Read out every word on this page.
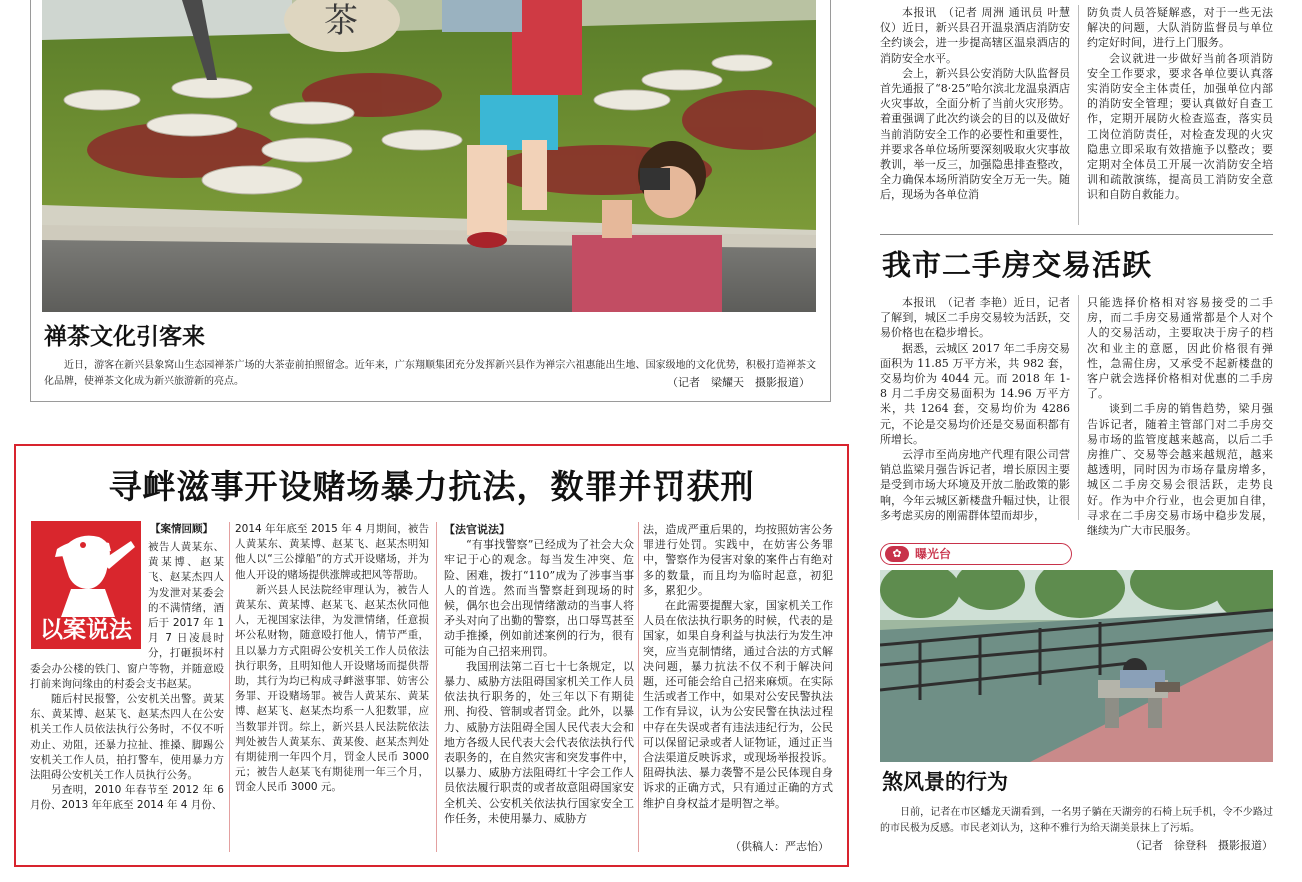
茶
禅茶文化引客来

近日，游客在新兴县象窝山生态园禅茶广场的大茶壶前拍照留念。近年来，广东翔顺集团充分发挥新兴县作为禅宗六祖惠能出生地、国家级地的文化优势，积极打造禅茶文化品牌，使禅茶文化成为新兴旅游新的亮点。	（记者　梁耀天　摄影报道）

本报讯　（记者 周洲 通讯员 叶慧仪）近日，新兴县召开温泉酒店消防安全约谈会，进一步提高辖区温泉酒店的消防安全水平。

会上，新兴县公安消防大队监督员首先通报了“8·25”哈尔滨北龙温泉酒店火灾事故，全面分析了当前火灾形势。着重强调了此次约谈会的目的以及做好当前消防安全工作的必要性和重要性，并要求各单位场所要深刻吸取火灾事故教训，举一反三，加强隐患排查整改，全力确保本场所消防安全万无一失。随后，现场为各单位消

防负责人员答疑解惑，对于一些无法解决的问题，大队消防监督员与单位约定好时间，进行上门服务。

会议就进一步做好当前各项消防安全工作要求，要求各单位要认真落实消防安全主体责任，加强单位内部的消防安全管理；要认真做好自查工作，定期开展防火检查巡查，落实员工岗位消防责任，对检查发现的火灾隐患立即采取有效措施予以整改；要定期对全体员工开展一次消防安全培训和疏散演练，提高员工消防安全意识和自防自救能力。

我市二手房交易活跃

本报讯　（记者 李艳）近日，记者了解到，城区二手房交易较为活跃，交易价格也在稳步增长。

据悉，云城区 2017 年二手房交易面积为 11.85 万平方米，共 982 套，交易均价为 4044 元。而 2018 年 1-8 月二手房交易面积为 14.96 万平方米，共 1264 套，交易均价为 4286 元，不论是交易均价还是交易面积都有所增长。

云浮市至尚房地产代理有限公司营销总监梁月强告诉记者，增长原因主要是受到市场大环境及开放二胎政策的影响，今年云城区新楼盘升幅过快，让很多考虑买房的刚需群体望而却步，

只能选择价格相对容易接受的二手房，而二手房交易通常都是个人对个人的交易活动，主要取决于房子的档次和业主的意愿，因此价格很有弹性，急需住房，又承受不起新楼盘的客户就会选择价格相对优惠的二手房了。

谈到二手房的销售趋势，梁月强告诉记者，随着主管部门对二手房交易市场的监管度越来越高，以后二手房推广、交易等会越来越规范，越来越透明，同时因为市场存量房增多，城区二手房交易会很活跃，走势良好。作为中介行业，也会更加自律，寻求在二手房交易市场中稳步发展，继续为广大市民服务。

✿	曝光台
煞风景的行为

日前，记者在市区蟠龙天湖看到，一名男子躺在天湖旁的石椅上玩手机，令不少路过的市民极为反感。市民老刘认为，这种不雅行为给天湖美景抹上了污垢。

（记者　徐登科　摄影报道）
寻衅滋事开设赌场暴力抗法，数罪并罚获刑
以案说法

【案情回顾】

被告人黄某东、黄某博、赵某飞、赵某杰四人为发泄对某委会的不满情绪，酒后于 2017 年 1 月 7 日凌晨时分，打砸损坏村委会办公楼的铁门、窗户等物，并随意殴打前来询问缘由的村委会支书赵某。

随后村民报警，公安机关出警。黄某东、黄某博、赵某飞、赵某杰四人在公安机关工作人员依法执行公务时，不仅不听劝止、劝阻，还暴力拉扯、推搡、脚踢公安机关工作人员，拍打警车，使用暴力方法阻碍公安机关工作人员执行公务。

另查明，2010 年春节至 2012 年 6 月份、2013 年年底至 2014 年 4 月份、

2014 年年底至 2015 年 4 月期间，被告人黄某东、黄某博、赵某飞、赵某杰明知他人以“三公撑船”的方式开设赌场，并为他人开设的赌场提供涨牌或把风等帮助。

新兴县人民法院经审理认为，被告人黄某东、黄某博、赵某飞、赵某杰伙同他人，无视国家法律，为发泄情绪，任意损坏公私财物，随意殴打他人，情节严重，且以暴力方式阻碍公安机关工作人员依法执行职务，且明知他人开设赌场而提供帮助，其行为均已构成寻衅滋事罪、妨害公务罪、开设赌场罪。被告人黄某东、黄某博、赵某飞、赵某杰均系一人犯数罪，应当数罪并罚。综上，新兴县人民法院依法判处被告人黄某东、黄某俊、赵某杰判处有期徒刑一年四个月，罚金人民币 3000 元；被告人赵某飞有期徒刑一年三个月，罚金人民币 3000 元。

【法官说法】

“有事找警察”已经成为了社会大众牢记于心的观念。每当发生冲突、危险、困难，拨打“110”成为了涉事当事人的首选。然而当警察赶到现场的时候，偶尔也会出现情绪激动的当事人将矛头对向了出勤的警察，出口辱骂甚至动手推搡，例如前述案例的行为，很有可能为自己招来刑罚。

我国刑法第二百七十七条规定，以暴力、威胁方法阻碍国家机关工作人员依法执行职务的，处三年以下有期徒刑、拘役、管制或者罚金。此外，以暴力、威胁方法阻碍全国人民代表大会和地方各级人民代表大会代表依法执行代表职务的，在自然灾害和突发事件中，以暴力、威胁方法阻碍红十字会工作人员依法履行职责的或者故意阻碍国家安全机关、公安机关依法执行国家安全工作任务，未使用暴力、威胁方

法，造成严重后果的，均按照妨害公务罪进行处罚。实践中，在妨害公务罪中，警察作为侵害对象的案件占有绝对多的数量，而且均为临时起意，初犯多，累犯少。

在此需要提醒大家，国家机关工作人员在依法执行职务的时候，代表的是国家，如果自身利益与执法行为发生冲突，应当克制情绪，通过合法的方式解决问题，暴力抗法不仅不利于解决问题，还可能会给自己招来麻烦。在实际生活或者工作中，如果对公安民警执法工作有异议，认为公安民警在执法过程中存在失误或者有违法违纪行为，公民可以保留记录或者人证物证，通过正当合法渠道反映诉求，或现场举报投诉。阻碍执法、暴力袭警不是公民体现自身诉求的正确方式，只有通过正确的方式维护自身权益才是明智之举。

（供稿人：严志怡）
